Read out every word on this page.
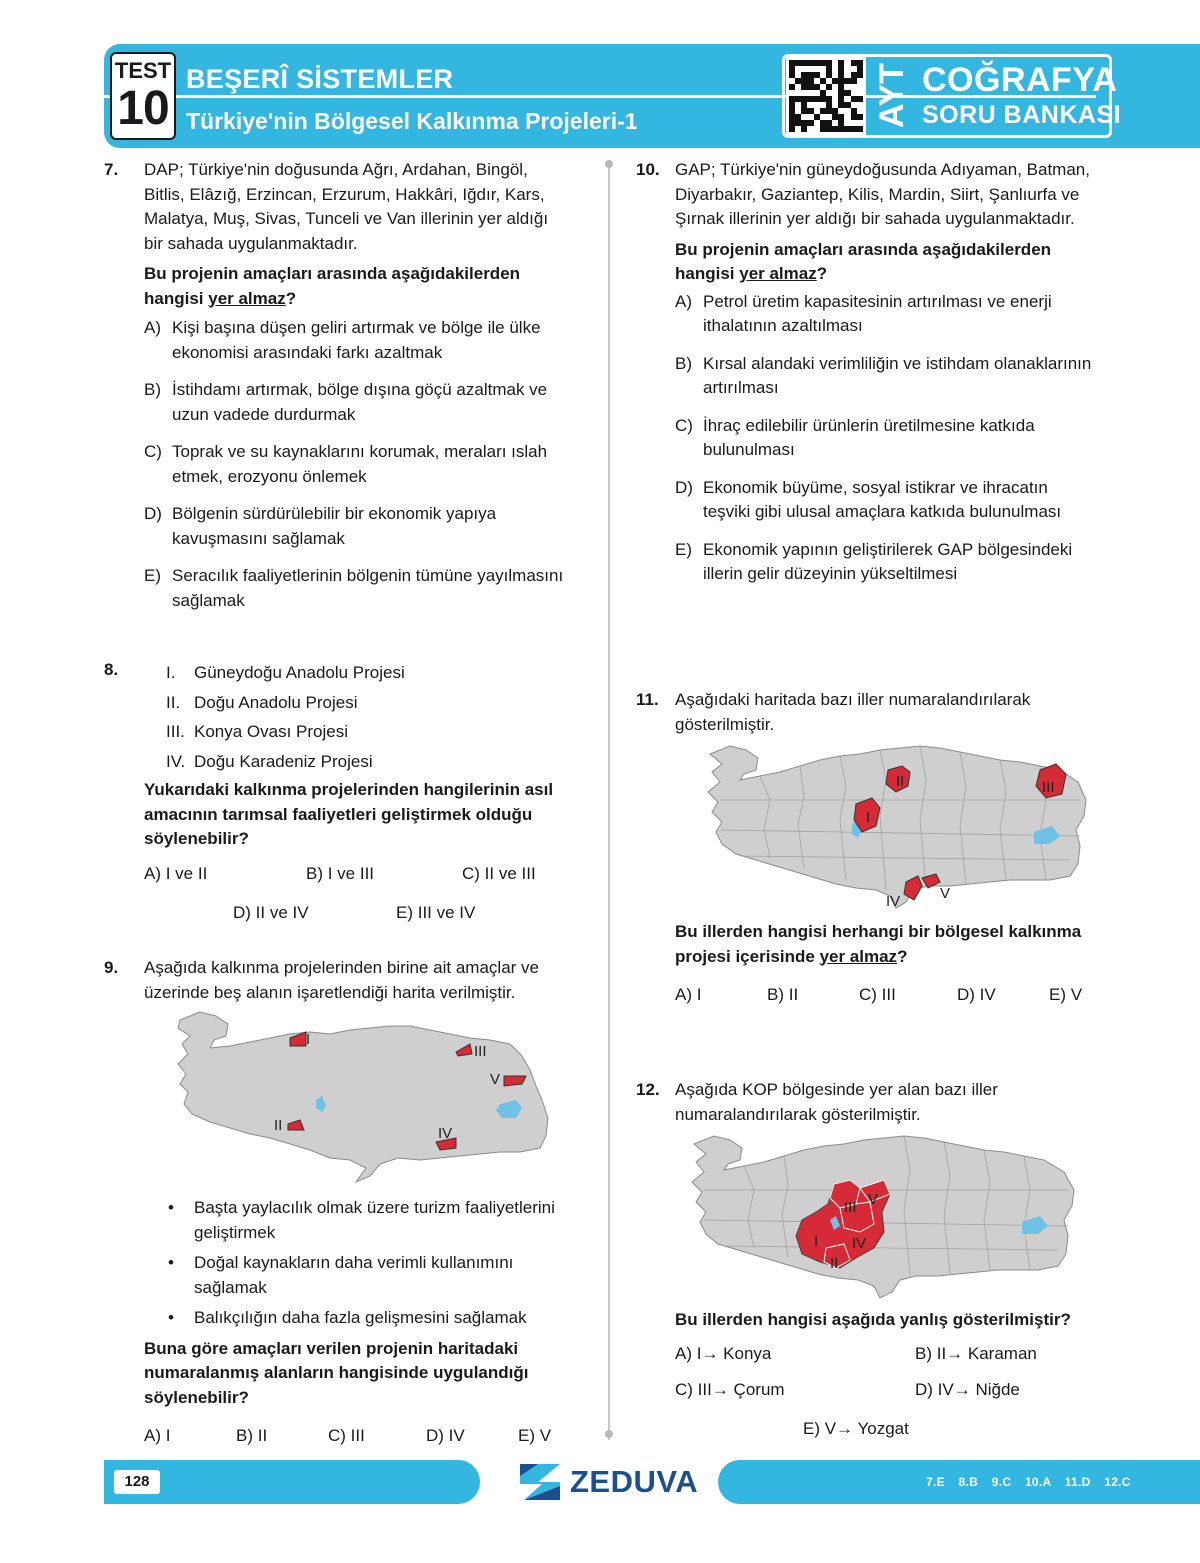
TEST
10
BEŞERÎ SİSTEMLER
Türkiye'nin Bölgesel Kalkınma Projeleri-1	AYT COĞRAFYA
SORU BANKASI
7. DAP; Türkiye'nin doğusunda Ağrı, Ardahan, Bingöl,
Bitlis, Elâzığ, Erzincan, Erzurum, Hakkâri, Iğdır, Kars,
Malatya, Muş, Sivas, Tunceli ve Van illerinin yer aldığı
bir sahada uygulanmaktadır.
Bu projenin amaçları arasında aşağıdakilerden
hangisi yer almaz?
A) Kişi başına düşen geliri artırmak ve bölge ile ülke
ekonomisi arasındaki farkı azaltmak
B) İstihdamı artırmak, bölge dışına göçü azaltmak ve
uzun vadede durdurmak
C) Toprak ve su kaynaklarını korumak, meraları ıslah
etmek, erozyonu önlemek
D) Bölgenin sürdürülebilir bir ekonomik yapıya
kavuşmasını sağlamak
E) Seracılık faaliyetlerinin bölgenin tümüne yayılmasını
sağlamak
8.	I. Güneydoğu Anadolu Projesi
II. Doğu Anadolu Projesi
III. Konya Ovası Projesi
IV. Doğu Karadeniz Projesi
Yukarıdaki kalkınma projelerinden hangilerinin asıl
amacının tarımsal faaliyetleri geliştirmek olduğu
söylenebilir?
A) I ve II	B) I ve III	C) II ve III
D) II ve IV	E) III ve IV
9. Aşağıda kalkınma projelerinden birine ait amaçlar ve
üzerinde beş alanın işaretlendiği harita verilmiştir.
I
III
V
II	IV
• Başta yaylacılık olmak üzere turizm faaliyetlerini
geliştirmek
• Doğal kaynakların daha verimli kullanımını
sağlamak
• Balıkçılığın daha fazla gelişmesini sağlamak
Buna göre amaçları verilen projenin haritadaki
numaralanmış alanların hangisinde uygulandığı
söylenebilir?
A) I	B) II	C) III	D) IV	E) V
10. GAP; Türkiye'nin güneydoğusunda Adıyaman, Batman,
Diyarbakır, Gaziantep, Kilis, Mardin, Siirt, Şanlıurfa ve
Şırnak illerinin yer aldığı bir sahada uygulanmaktadır.
Bu projenin amaçları arasında aşağıdakilerden
hangisi yer almaz?
A) Petrol üretim kapasitesinin artırılması ve enerji
ithalatının azaltılması
B) Kırsal alandaki verimliliğin ve istihdam olanaklarının
artırılması
C) İhraç edilebilir ürünlerin üretilmesine katkıda
bulunulması
D) Ekonomik büyüme, sosyal istikrar ve ihracatın
teşviki gibi ulusal amaçlara katkıda bulunulması
E) Ekonomik yapının geliştirilerek GAP bölgesindeki
illerin gelir düzeyinin yükseltilmesi
11. Aşağıdaki haritada bazı iller numaralandırılarak
gösterilmiştir.
II	III
I
IV	V
Bu illerden hangisi herhangi bir bölgesel kalkınma
projesi içerisinde yer almaz?
A) I	B) II	C) III	D) IV	E) V
12. Aşağıda KOP bölgesinde yer alan bazı iller
numaralandırılarak gösterilmiştir.
V
III
I IV
II
Bu illerden hangisi aşağıda yanlış gösterilmiştir?
A) I→ Konya	B) II→ Karaman
C) III→ Çorum	D) IV→ Niğde
E) V→ Yozgat
128	ZEDUVA	7.E 8.B 9.C 10.A 11.D 12.C
